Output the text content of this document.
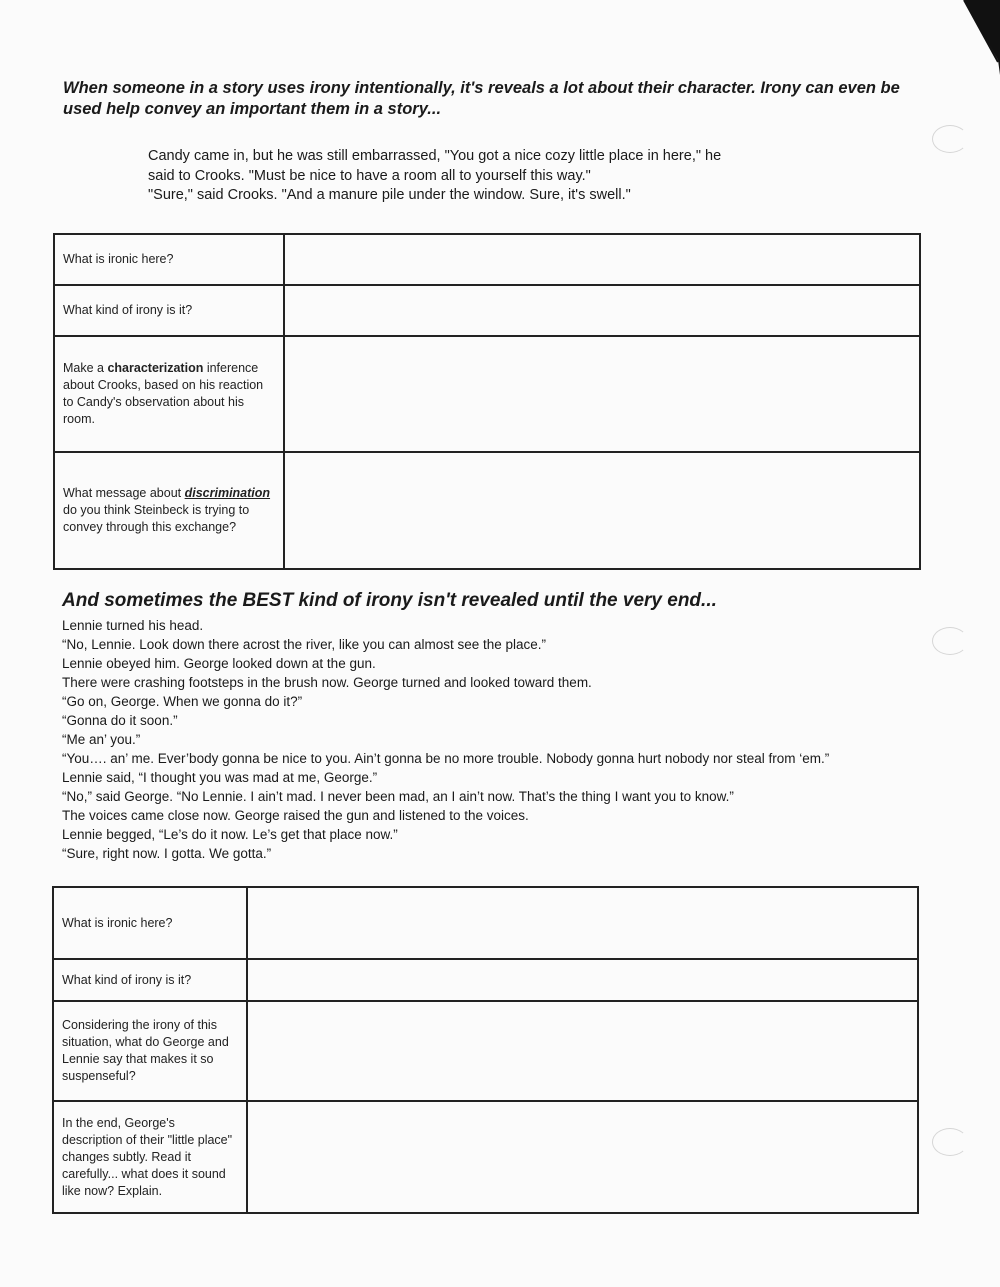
When someone in a story uses irony intentionally, it's reveals a lot about their character. Irony can even be
used help convey an important them in a story...
Candy came in, but he was still embarrassed, "You got a nice cozy little place in here," he
said to Crooks. "Must be nice to have a room all to yourself this way."
"Sure," said Crooks. "And a manure pile under the window. Sure, it's swell."
What is ironic here?	
What kind of irony is it?	
Make a characterization inference about Crooks, based on his reaction to Candy's observation about his room.	
What message about discrimination do you think Steinbeck is trying to convey through this exchange?	
And sometimes the BEST kind of irony isn't revealed until the very end...
Lennie turned his head.
“No, Lennie. Look down there acrost the river, like you can almost see the place.”
Lennie obeyed him. George looked down at the gun.
There were crashing footsteps in the brush now. George turned and looked toward them.
“Go on, George. When we gonna do it?”
“Gonna do it soon.”
“Me an’ you.”
“You…. an’ me. Ever’body gonna be nice to you. Ain’t gonna be no more trouble. Nobody gonna hurt nobody nor steal from ‘em.”
Lennie said, “I thought you was mad at me, George.”
“No,” said George. “No Lennie. I ain’t mad. I never been mad, an I ain’t now. That’s the thing I want you to know.”
The voices came close now. George raised the gun and listened to the voices.
Lennie begged, “Le’s do it now. Le’s get that place now.”
“Sure, right now. I gotta. We gotta.”
What is ironic here?	
What kind of irony is it?	
Considering the irony of this situation, what do George and Lennie say that makes it so suspenseful?	
In the end, George's description of their "little place" changes subtly. Read it carefully... what does it sound like now? Explain.	
